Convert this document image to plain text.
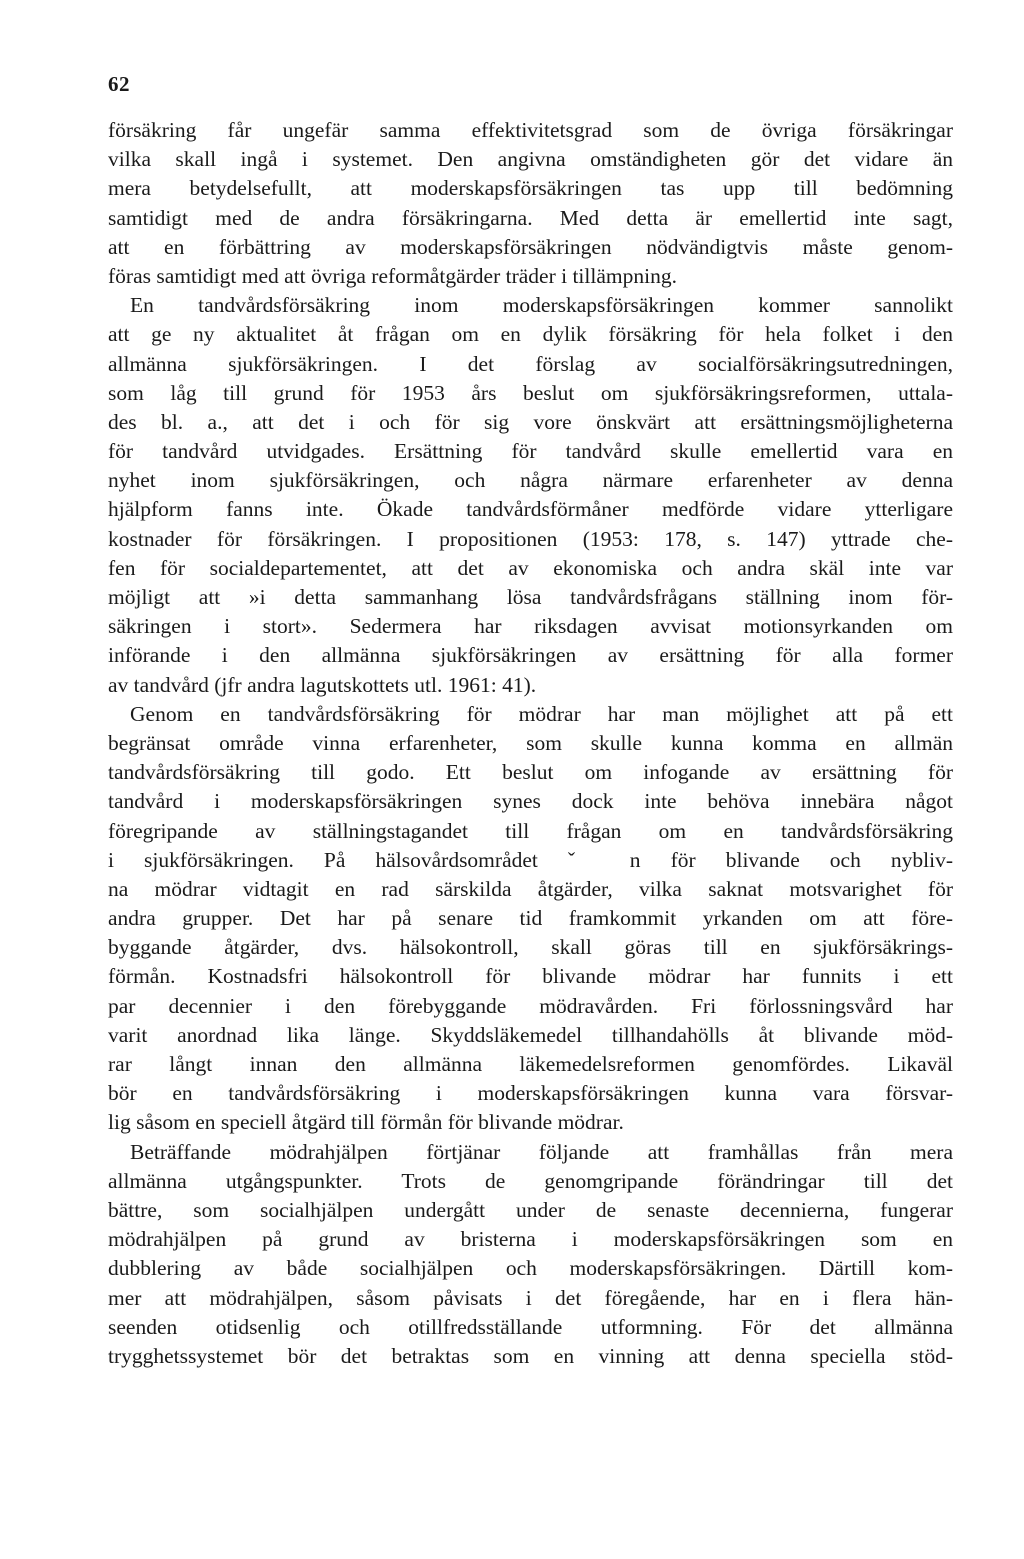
62
försäkring får ungefär samma effektivitetsgrad som de övriga försäkringar
vilka skall ingå i systemet. Den angivna omständigheten gör det vidare än
mera betydelsefullt, att moderskapsförsäkringen tas upp till bedömning
samtidigt med de andra försäkringarna. Med detta är emellertid inte sagt,
att en förbättring av moderskapsförsäkringen nödvändigtvis måste genom-
föras samtidigt med att övriga reformåtgärder träder i tillämpning.
En tandvårdsförsäkring inom moderskapsförsäkringen kommer sannolikt
att ge ny aktualitet åt frågan om en dylik försäkring för hela folket i den
allmänna sjukförsäkringen. I det förslag av socialförsäkringsutredningen,
som låg till grund för 1953 års beslut om sjukförsäkringsreformen, uttala-
des bl. a., att det i och för sig vore önskvärt att ersättningsmöjligheterna
för tandvård utvidgades. Ersättning för tandvård skulle emellertid vara en
nyhet inom sjukförsäkringen, och några närmare erfarenheter av denna
hjälpform fanns inte. Ökade tandvårdsförmåner medförde vidare ytterligare
kostnader för försäkringen. I propositionen (1953: 178, s. 147) yttrade che-
fen för socialdepartementet, att det av ekonomiska och andra skäl inte var
möjligt att »i detta sammanhang lösa tandvårdsfrågans ställning inom för-
säkringen i stort». Sedermera har riksdagen avvisat motionsyrkanden om
införande i den allmänna sjukförsäkringen av ersättning för alla former
av tandvård (jfr andra lagutskottets utl. 1961: 41).
Genom en tandvårdsförsäkring för mödrar har man möjlighet att på ett
begränsat område vinna erfarenheter, som skulle kunna komma en allmän
tandvårdsförsäkring till godo. Ett beslut om infogande av ersättning för
tandvård i moderskapsförsäkringen synes dock inte behöva innebära något
föregripande av ställningstagandet till frågan om en tandvårdsförsäkring
i sjukförsäkringen. På hälsovårdsområdet ˇ n för blivande och nybliv-
na mödrar vidtagit en rad särskilda åtgärder, vilka saknat motsvarighet för
andra grupper. Det har på senare tid framkommit yrkanden om att före-
byggande åtgärder, dvs. hälsokontroll, skall göras till en sjukförsäkrings-
förmån. Kostnadsfri hälsokontroll för blivande mödrar har funnits i ett
par decennier i den förebyggande mödravården. Fri förlossningsvård har
varit anordnad lika länge. Skyddsläkemedel tillhandahölls åt blivande möd-
rar långt innan den allmänna läkemedelsreformen genomfördes. Likaväl
bör en tandvårdsförsäkring i moderskapsförsäkringen kunna vara försvar-
lig såsom en speciell åtgärd till förmån för blivande mödrar.
Beträffande mödrahjälpen förtjänar följande att framhållas från mera
allmänna utgångspunkter. Trots de genomgripande förändringar till det
bättre, som socialhjälpen undergått under de senaste decennierna, fungerar
mödrahjälpen på grund av bristerna i moderskapsförsäkringen som en
dubblering av både socialhjälpen och moderskapsförsäkringen. Därtill kom-
mer att mödrahjälpen, såsom påvisats i det föregående, har en i flera hän-
seenden otidsenlig och otillfredsställande utformning. För det allmänna
trygghetssystemet bör det betraktas som en vinning att denna speciella stöd-
